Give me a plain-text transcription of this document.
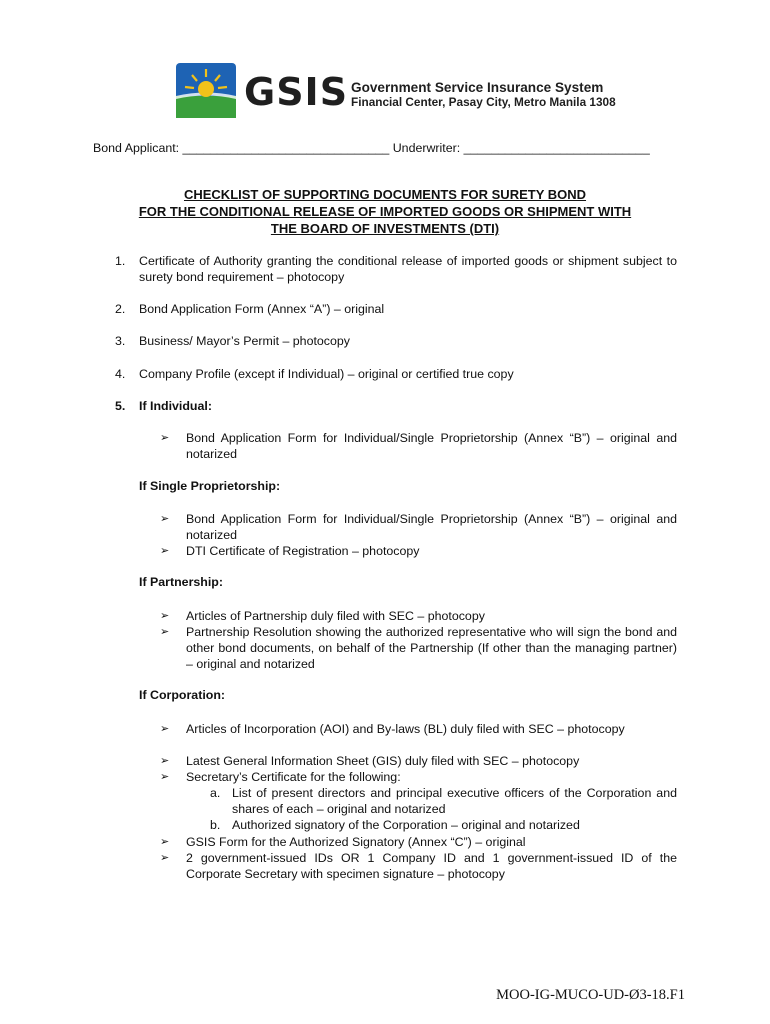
GSIS Government Service Insurance System
Financial Center, Pasay City, Metro Manila 1308
Bond Applicant: ______________________________ Underwriter: ___________________________
CHECKLIST OF SUPPORTING DOCUMENTS FOR SURETY BOND
FOR THE CONDITIONAL RELEASE OF IMPORTED GOODS OR SHIPMENT WITH
THE BOARD OF INVESTMENTS (DTI)
1.	Certificate of Authority granting the conditional release of imported goods or shipment subject to surety bond requirement – photocopy
2.	Bond Application Form (Annex “A”) – original
3.	Business/ Mayor’s Permit – photocopy
4.	Company Profile (except if Individual) – original or certified true copy
5.	If Individual:
➢ Bond Application Form for Individual/Single Proprietorship (Annex “B”) – original and notarized
If Single Proprietorship:
➢ Bond Application Form for Individual/Single Proprietorship (Annex “B”) – original and notarized
➢ DTI Certificate of Registration – photocopy
If Partnership:
➢ Articles of Partnership duly filed with SEC – photocopy
➢ Partnership Resolution showing the authorized representative who will sign the bond and other bond documents, on behalf of the Partnership (If other than the managing partner) – original and notarized
If Corporation:
➢ Articles of Incorporation (AOI) and By-laws (BL) duly filed with SEC – photocopy
➢ Latest General Information Sheet (GIS) duly filed with SEC – photocopy
➢ Secretary’s Certificate for the following:
a. List of present directors and principal executive officers of the Corporation and shares of each – original and notarized
b. Authorized signatory of the Corporation – original and notarized
➢ GSIS Form for the Authorized Signatory (Annex “C”) – original
➢ 2 government-issued IDs OR 1 Company ID and 1 government-issued ID of the Corporate Secretary with specimen signature – photocopy
MOO-IG-MUCO-UD-Ø3-18.F1
